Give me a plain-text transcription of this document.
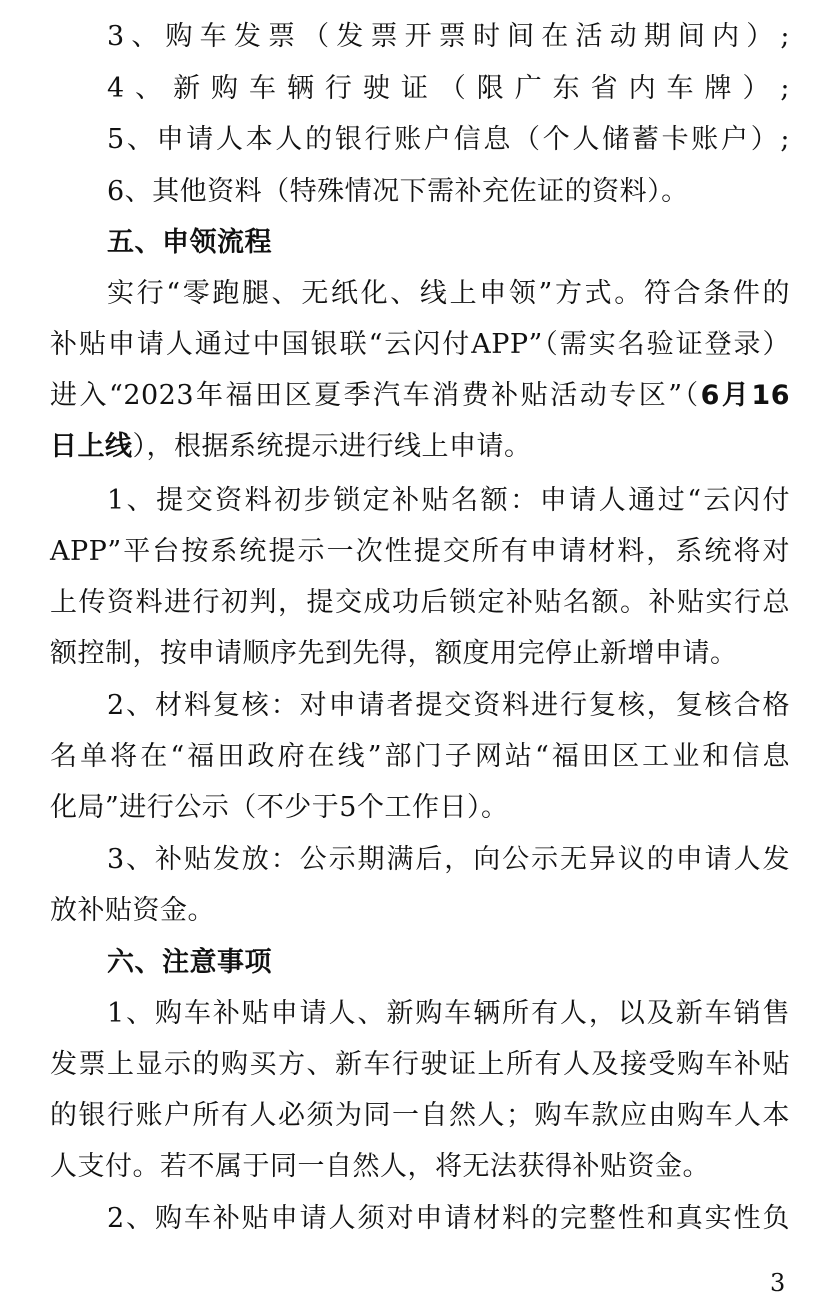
3、购车发票（发票开票时间在活动期间内）;
4、新购车辆行驶证（限广东省内车牌）;
5、申请人本人的银行账户信息（个人储蓄卡账户）;
6、其他资料（特殊情况下需补充佐证的资料）。
五、申领流程
实行“零跑腿、无纸化、线上申领”方式。符合条件的
补贴申请人通过中国银联“云闪付APP”（需实名验证登录）
进入“2023年福田区夏季汽车消费补贴活动专区”（6月16
日上线），根据系统提示进行线上申请。
1、提交资料初步锁定补贴名额：申请人通过“云闪付
APP”平台按系统提示一次性提交所有申请材料，系统将对
上传资料进行初判，提交成功后锁定补贴名额。补贴实行总
额控制，按申请顺序先到先得，额度用完停止新增申请。
2、材料复核：对申请者提交资料进行复核，复核合格
名单将在“福田政府在线”部门子网站“福田区工业和信息
化局”进行公示（不少于5个工作日）。
3、补贴发放：公示期满后，向公示无异议的申请人发
放补贴资金。
六、注意事项
1、购车补贴申请人、新购车辆所有人，以及新车销售
发票上显示的购买方、新车行驶证上所有人及接受购车补贴
的银行账户所有人必须为同一自然人；购车款应由购车人本
人支付。若不属于同一自然人，将无法获得补贴资金。
2、购车补贴申请人须对申请材料的完整性和真实性负
3
